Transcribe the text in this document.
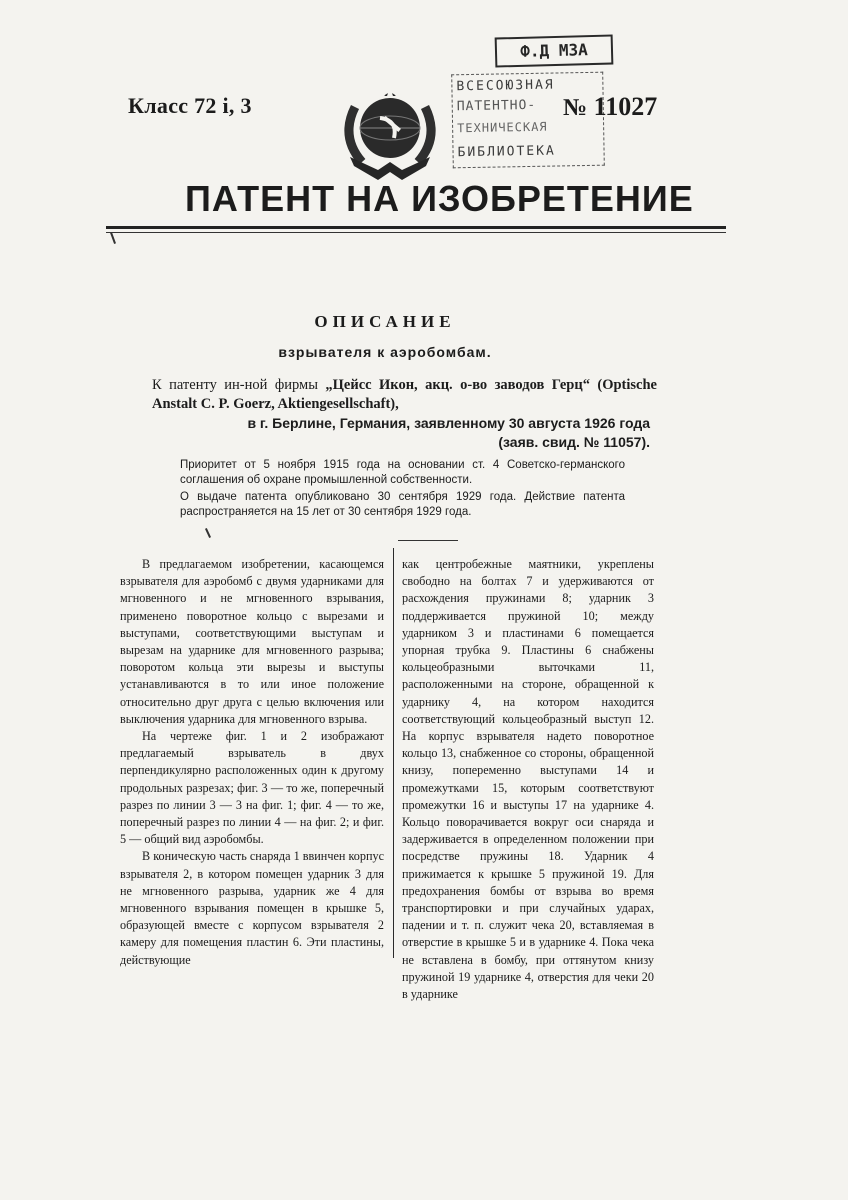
Класс 72 i, 3
Ф.Д МЗА
ВСЕСОЮЗНАЯ
ПАТЕНТНО-
ТЕХНИЧЕСКАЯ
БИБЛИОТЕКА
№ 11027
ПАТЕНТ НА ИЗОБРЕТЕНИЕ
ОПИСАНИЕ
взрывателя к аэробомбам.
К патенту ин-ной фирмы „Цейсс Икон, акц. о-во заводов Герц“ (Optische Anstalt C. P. Goerz, Aktiengesellschaft),
в г. Берлине, Германия, заявленному 30 августа 1926 года
(заяв. свид. № 11057).
Приоритет от 5 ноября 1915 года на основании ст. 4 Советско-германского соглашения об охране промышленной собственности.
О выдаче патента опубликовано 30 сентября 1929 года. Действие патента распространяется на 15 лет от 30 сентября 1929 года.

В предлагаемом изобретении, касающемся взрывателя для аэробомб с двумя ударниками для мгновенного и не мгновенного взрывания, применено поворотное кольцо с вырезами и выступами, соответствующими выступам и вырезам на ударнике для мгновенного разрыва; поворотом кольца эти вырезы и выступы устанавливаются в то или иное положение относительно друг друга с целью включения или выключения ударника для мгновенного взрыва.

На чертеже фиг. 1 и 2 изображают предлагаемый взрыватель в двух перпендикулярно расположенных один к другому продольных разрезах; фиг. 3 — то же, поперечный разрез по линии 3 — 3 на фиг. 1; фиг. 4 — то же, поперечный разрез по линии 4 — на фиг. 2; и фиг. 5 — общий вид аэробомбы.

В коническую часть снаряда 1 ввинчен корпус взрывателя 2, в котором помещен ударник 3 для не мгновенного разрыва, ударник же 4 для мгновенного взрывания помещен в крышке 5, образующей вместе с корпусом взрывателя 2 камеру для помещения пластин 6. Эти пластины, действующие

как центробежные маятники, укреплены свободно на болтах 7 и удерживаются от расхождения пружинами 8; ударник 3 поддерживается пружиной 10; между ударником 3 и пластинами 6 помещается упорная трубка 9. Пластины 6 снабжены кольцеобразными выточками 11, расположенными на стороне, обращенной к ударнику 4, на котором находится соответствующий кольцеобразный выступ 12. На корпус взрывателя надето поворотное кольцо 13, снабженное со стороны, обращенной книзу, попеременно выступами 14 и промежутками 15, которым соответствуют промежутки 16 и выступы 17 на ударнике 4. Кольцо поворачивается вокруг оси снаряда и задерживается в определенном положении при посредстве пружины 18. Ударник 4 прижимается к крышке 5 пружиной 19. Для предохранения бомбы от взрыва во время транспортировки и при случайных ударах, падении и т. п. служит чека 20, вставляемая в отверстие в крышке 5 и в ударнике 4. Пока чека не вставлена в бомбу, при оттянутом книзу пружиной 19 ударнике 4, отверстия для чеки 20 в ударнике
